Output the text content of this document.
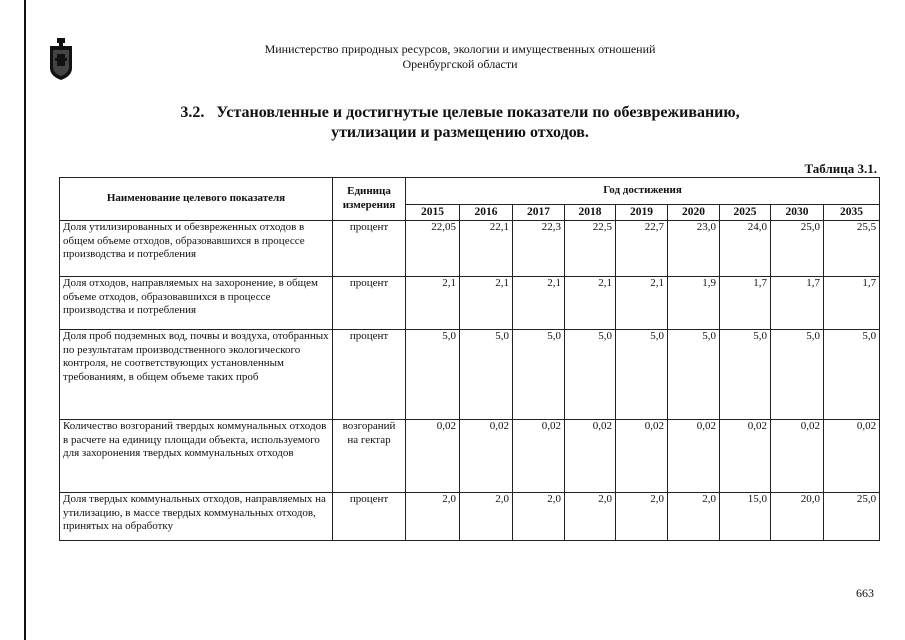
Министерство природных ресурсов, экологии и имущественных отношений
Оренбургской области
3.2.   Установленные и достигнутые целевые показатели по обезвреживанию,
утилизации и размещению отходов.
Таблица 3.1.
Наименование целевого показателя	Единица измерения	Год достижения								
		2015	2016	2017	2018	2019	2020	2025	2030	2035
Доля утилизированных и обезвреженных отходов в общем объеме отходов, образовавшихся в процессе производства и потребления	процент	22,05	22,1	22,3	22,5	22,7	23,0	24,0	25,0	25,5
Доля отходов, направляемых на захоронение, в общем объеме отходов, образовавшихся в процессе производства и потребления	процент	2,1	2,1	2,1	2,1	2,1	1,9	1,7	1,7	1,7
Доля проб подземных вод, почвы и воздуха, отобранных по результатам производственного экологического контроля, не соответствующих установленным требованиям, в общем объеме таких проб	процент	5,0	5,0	5,0	5,0	5,0	5,0	5,0	5,0	5,0
Количество возгораний твердых коммунальных отходов в расчете на единицу площади объекта, используемого для захоронения твердых коммунальных отходов	возгораний на гектар	0,02	0,02	0,02	0,02	0,02	0,02	0,02	0,02	0,02
Доля твердых коммунальных отходов, направляемых на утилизацию, в массе твердых коммунальных отходов, принятых на обработку	процент	2,0	2,0	2,0	2,0	2,0	2,0	15,0	20,0	25,0
663
